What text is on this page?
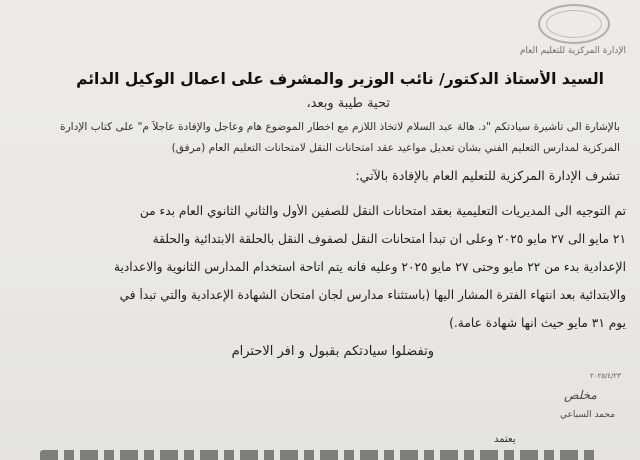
الإدارة المركزية للتعليم العام
السيد الأستاذ الدكتور/ نائب الوزير والمشرف على اعمال الوكيل الدائم
تحية طيبة وبعد،
بالإشارة الى تأشيرة سيادتكم "د. هالة عبد السلام لاتخاذ اللازم مع اخطار الموضوع هام وعاجل والإفادة عاجلاً م" على كتاب الإدارة
المركزية لمدارس التعليم الفني بشأن تعديل مواعيد عقد امتحانات النقل لامتحانات التعليم العام (مرفق)
تشرف الإدارة المركزية للتعليم العام بالإفادة بالآتي:
تم التوجيه الى المديريات التعليمية بعقد امتحانات النقل للصفين الأول والثاني الثانوي العام بدء من
٢١ مايو الى ٢٧ مايو ٢٠٢٥ وعلى ان تبدأ امتحانات النقل لصفوف النقل بالحلقة الابتدائية والحلقة
الإعدادية بدء من ٢٢ مايو وحتى ٢٧ مايو ٢٠٢٥ وعليه فانه يتم اتاحة استخدام المدارس الثانوية والاعدادية
والابتدائية بعد انتهاء الفترة المشار اليها (باستثناء مدارس لجان امتحان الشهادة الإعدادية والتي تبدأ في
يوم ٣١ مايو حيث انها شهادة عامة.)
وتفضلوا سيادتكم بقبول و افر الاحترام
٢٠٢٥/٤/٢٣
مخلص
محمد السباعي
يعتمد
